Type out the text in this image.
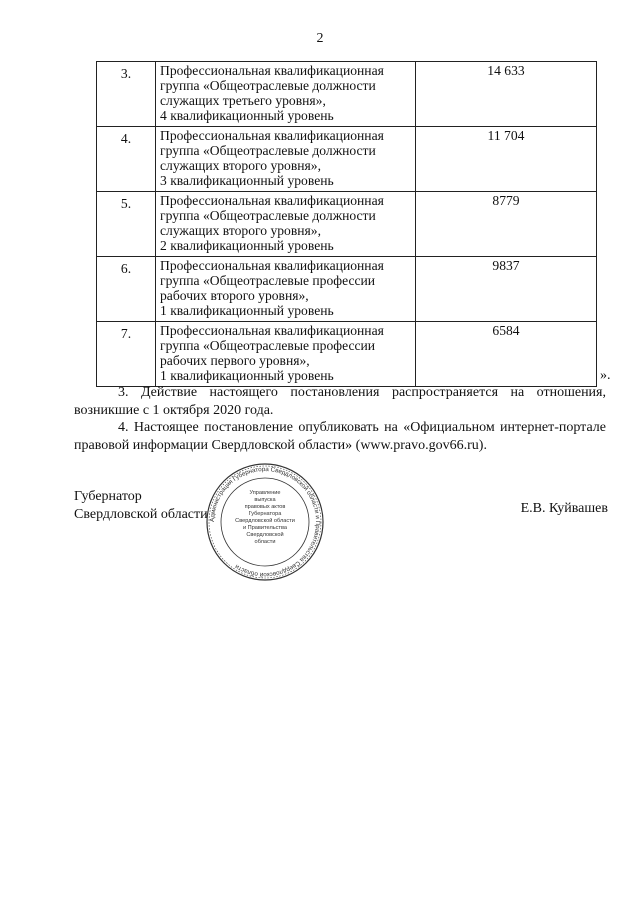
2
3.	Профессиональная квалификационная
группа «Общеотраслевые должности
служащих третьего уровня»,
4 квалификационный уровень	14 633
4.	Профессиональная квалификационная
группа «Общеотраслевые должности
служащих второго уровня»,
3 квалификационный уровень	11 704
5.	Профессиональная квалификационная
группа «Общеотраслевые должности
служащих второго уровня»,
2 квалификационный уровень	8779
6.	Профессиональная квалификационная
группа «Общеотраслевые профессии
рабочих второго уровня»,
1 квалификационный уровень	9837
7.	Профессиональная квалификационная
группа «Общеотраслевые профессии
рабочих первого уровня»,
1 квалификационный уровень	6584
».
3. Действие настоящего постановления распространяется на отношения,
возникшие с 1 октября 2020 года.
4. Настоящее постановление опубликовать на «Официальном интернет-портале
правовой информации Свердловской области» (www.pravo.gov66.ru).
Губернатор
Свердловской области	Е.В. Куйвашев
Администрация Губернатора Свердловской области и Правительства Свердловской области
Управление
выпуска
правовых актов
Губернатора
Свердловской области
и Правительства
Свердловской
области
